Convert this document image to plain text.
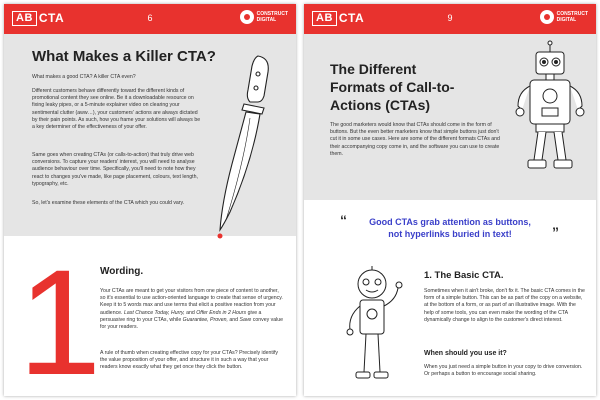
AB CTA	6	CONSTRUCT
DIGITAL
What Makes a Killer CTA?
What makes a good CTA? A killer CTA even?
Different customers behave differently toward the different kinds of promotional content they see online. Be it a downloadable resource on fixing leaky pipes, or a 5-minute explainer video on clearing your sentimental clutter (aww…), your customers' actions are always dictated by their pain points. As such, how you frame your solutions will always be a key determiner of the effectiveness of your offer.
Same goes when creating CTAs (or calls-to-action) that truly drive web conversions. To capture your readers' interest, you will need to analyse audience behaviour over time. Specifically, you'll need to note how they react to changes you've made, like page placement, colours, text length, typography, etc.
So, let's examine these elements of the CTA which you could vary.
1
Wording.
Your CTAs are meant to get your visitors from one piece of content to another, so it's essential to use action-oriented language to create that sense of urgency. Keep it to 5 words max and use terms that elicit a positive reaction from your audience. Last Chance Today, Hurry, and Offer Ends in 2 Hours give a persuasive ring to your CTAs, while Guarantee, Proven, and Save convey value for your readers.
A rule of thumb when creating effective copy for your CTAs? Precisely identify the value proposition of your offer, and structure it in such a way that your readers know exactly what they get once they click the button.
AB CTA	9	CONSTRUCT
DIGITAL
The Different
Formats of Call-to-
Actions (CTAs)
The good marketers would know that CTAs should come in the form of buttons. But the even better marketers know that simple buttons just don't cut it in some use cases. Here are some of the different formats CTAs and their accompanying copy come in, and the software you can use to create them.
“	Good CTAs grab attention as buttons,
not hyperlinks buried in text!	”
1. The Basic CTA.
Sometimes when it ain't broke, don't fix it. The basic CTA comes in the form of a simple button. This can be as part of the copy on a website, at the bottom of a form, or as part of an illustrative image. With the help of some tools, you can even make the wording of the CTA dynamically change to align to the customer's direct interest.
When should you use it?
When you just need a simple button in your copy to drive conversion. Or perhaps a button to encourage social sharing.
